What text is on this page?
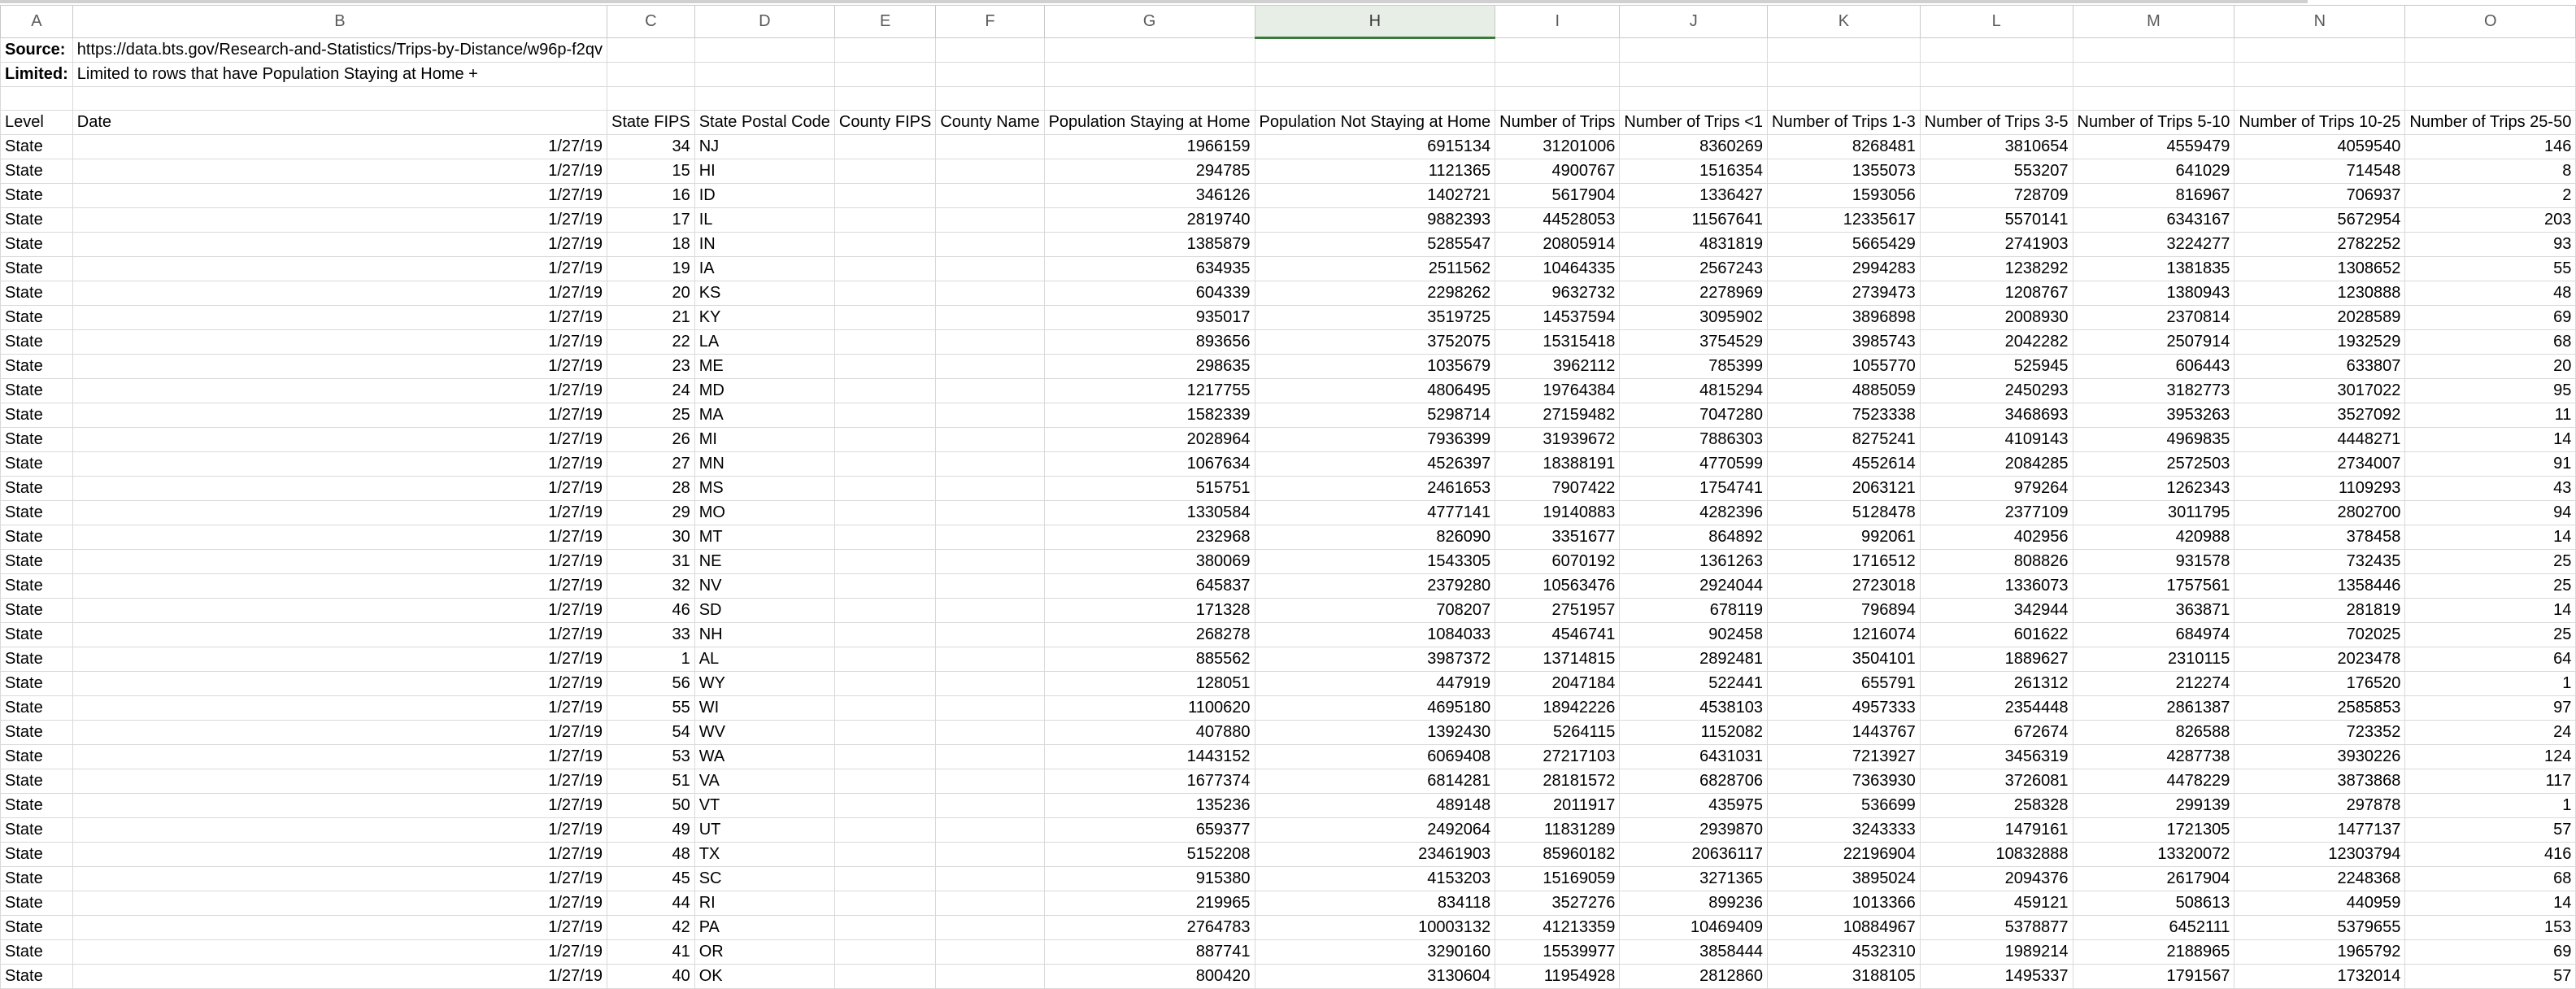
A	B	C	D	E	F	G	H	I	J	K	L	M	N	O
Source:	https://data.bts.gov/Research-and-Statistics/Trips-by-Distance/w96p-f2qv													
Limited:	Limited to rows that have Population Staying at Home +													

Level	Date	State FIPS	State Postal Code	County FIPS	County Name	Population Staying at Home	Population Not Staying at Home	Number of Trips	Number of Trips <1	Number of Trips 1-3	Number of Trips 3-5	Number of Trips 5-10	Number of Trips 10-25	Number of Trips 25-50
State	1/27/19	34	NJ			1966159	6915134	31201006	8360269	8268481	3810654	4559479	4059540	146
State	1/27/19	15	HI			294785	1121365	4900767	1516354	1355073	553207	641029	714548	8
State	1/27/19	16	ID			346126	1402721	5617904	1336427	1593056	728709	816967	706937	2
State	1/27/19	17	IL			2819740	9882393	44528053	11567641	12335617	5570141	6343167	5672954	203
State	1/27/19	18	IN			1385879	5285547	20805914	4831819	5665429	2741903	3224277	2782252	93
State	1/27/19	19	IA			634935	2511562	10464335	2567243	2994283	1238292	1381835	1308652	55
State	1/27/19	20	KS			604339	2298262	9632732	2278969	2739473	1208767	1380943	1230888	48
State	1/27/19	21	KY			935017	3519725	14537594	3095902	3896898	2008930	2370814	2028589	69
State	1/27/19	22	LA			893656	3752075	15315418	3754529	3985743	2042282	2507914	1932529	68
State	1/27/19	23	ME			298635	1035679	3962112	785399	1055770	525945	606443	633807	20
State	1/27/19	24	MD			1217755	4806495	19764384	4815294	4885059	2450293	3182773	3017022	95
State	1/27/19	25	MA			1582339	5298714	27159482	7047280	7523338	3468693	3953263	3527092	11
State	1/27/19	26	MI			2028964	7936399	31939672	7886303	8275241	4109143	4969835	4448271	14
State	1/27/19	27	MN			1067634	4526397	18388191	4770599	4552614	2084285	2572503	2734007	91
State	1/27/19	28	MS			515751	2461653	7907422	1754741	2063121	979264	1262343	1109293	43
State	1/27/19	29	MO			1330584	4777141	19140883	4282396	5128478	2377109	3011795	2802700	94
State	1/27/19	30	MT			232968	826090	3351677	864892	992061	402956	420988	378458	14
State	1/27/19	31	NE			380069	1543305	6070192	1361263	1716512	808826	931578	732435	25
State	1/27/19	32	NV			645837	2379280	10563476	2924044	2723018	1336073	1757561	1358446	25
State	1/27/19	46	SD			171328	708207	2751957	678119	796894	342944	363871	281819	14
State	1/27/19	33	NH			268278	1084033	4546741	902458	1216074	601622	684974	702025	25
State	1/27/19	1	AL			885562	3987372	13714815	2892481	3504101	1889627	2310115	2023478	64
State	1/27/19	56	WY			128051	447919	2047184	522441	655791	261312	212274	176520	1
State	1/27/19	55	WI			1100620	4695180	18942226	4538103	4957333	2354448	2861387	2585853	97
State	1/27/19	54	WV			407880	1392430	5264115	1152082	1443767	672674	826588	723352	24
State	1/27/19	53	WA			1443152	6069408	27217103	6431031	7213927	3456319	4287738	3930226	124
State	1/27/19	51	VA			1677374	6814281	28181572	6828706	7363930	3726081	4478229	3873868	117
State	1/27/19	50	VT			135236	489148	2011917	435975	536699	258328	299139	297878	1
State	1/27/19	49	UT			659377	2492064	11831289	2939870	3243333	1479161	1721305	1477137	57
State	1/27/19	48	TX			5152208	23461903	85960182	20636117	22196904	10832888	13320072	12303794	416
State	1/27/19	45	SC			915380	4153203	15169059	3271365	3895024	2094376	2617904	2248368	68
State	1/27/19	44	RI			219965	834118	3527276	899236	1013366	459121	508613	440959	14
State	1/27/19	42	PA			2764783	10003132	41213359	10469409	10884967	5378877	6452111	5379655	153
State	1/27/19	41	OR			887741	3290160	15539977	3858444	4532310	1989214	2188965	1965792	69
State	1/27/19	40	OK			800420	3130604	11954928	2812860	3188105	1495337	1791567	1732014	57
